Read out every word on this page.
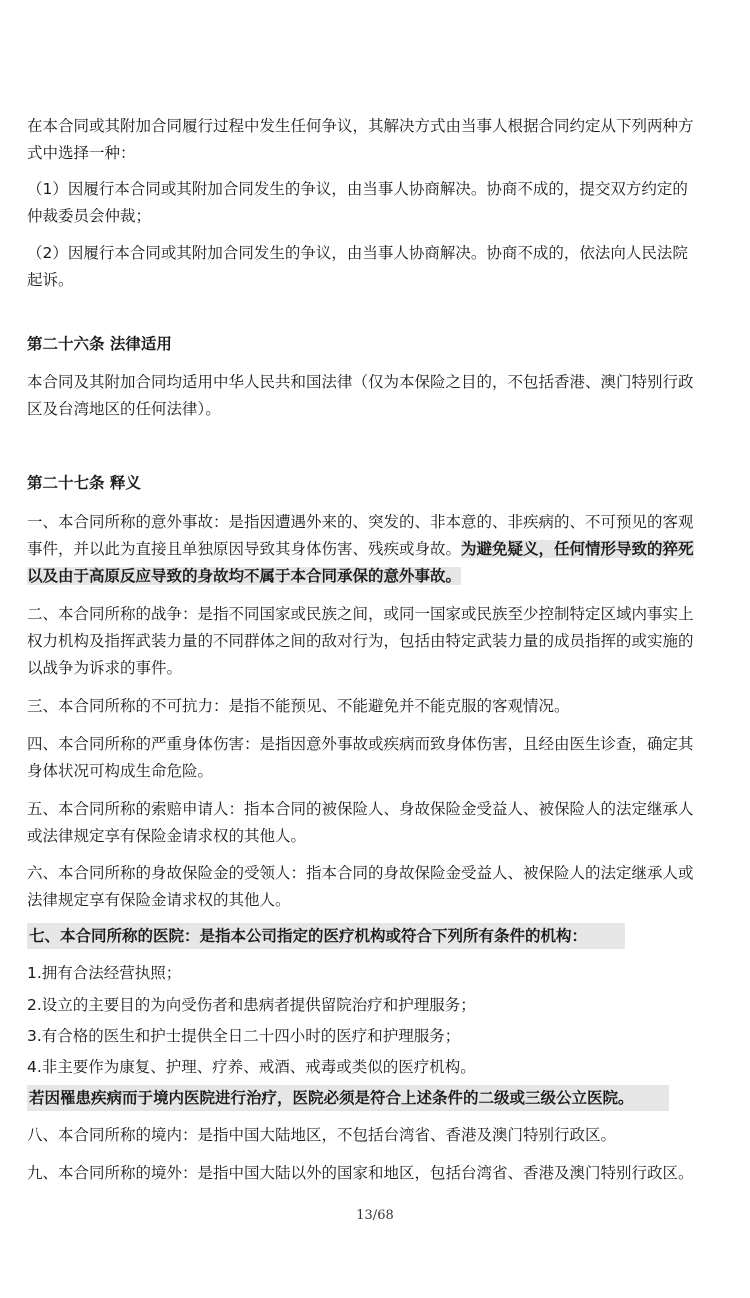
在本合同或其附加合同履行过程中发生任何争议，其解决方式由当事人根据合同约定从下列两种方
式中选择一种：
（1）因履行本合同或其附加合同发生的争议，由当事人协商解决。协商不成的，提交双方约定的
仲裁委员会仲裁；
（2）因履行本合同或其附加合同发生的争议，由当事人协商解决。协商不成的，依法向人民法院
起诉。
第二十六条 法律适用
本合同及其附加合同均适用中华人民共和国法律（仅为本保险之目的，不包括香港、澳门特别行政
区及台湾地区的任何法律）。
第二十七条 释义
一、本合同所称的意外事故：是指因遭遇外来的、突发的、非本意的、非疾病的、不可预见的客观
事件，并以此为直接且单独原因导致其身体伤害、残疾或身故。为避免疑义，任何情形导致的猝死
以及由于高原反应导致的身故均不属于本合同承保的意外事故。
二、本合同所称的战争：是指不同国家或民族之间，或同一国家或民族至少控制特定区域内事实上
权力机构及指挥武装力量的不同群体之间的敌对行为，包括由特定武装力量的成员指挥的或实施的
以战争为诉求的事件。
三、本合同所称的不可抗力：是指不能预见、不能避免并不能克服的客观情况。
四、本合同所称的严重身体伤害：是指因意外事故或疾病而致身体伤害，且经由医生诊查，确定其
身体状况可构成生命危险。
五、本合同所称的索赔申请人：指本合同的被保险人、身故保险金受益人、被保险人的法定继承人
或法律规定享有保险金请求权的其他人。
六、本合同所称的身故保险金的受领人：指本合同的身故保险金受益人、被保险人的法定继承人或
法律规定享有保险金请求权的其他人。
七、本合同所称的医院：是指本公司指定的医疗机构或符合下列所有条件的机构：
1.拥有合法经营执照；
2.设立的主要目的为向受伤者和患病者提供留院治疗和护理服务；
3.有合格的医生和护士提供全日二十四小时的医疗和护理服务；
4.非主要作为康复、护理、疗养、戒酒、戒毒或类似的医疗机构。
若因罹患疾病而于境内医院进行治疗，医院必须是符合上述条件的二级或三级公立医院。
八、本合同所称的境内：是指中国大陆地区，不包括台湾省、香港及澳门特别行政区。
九、本合同所称的境外：是指中国大陆以外的国家和地区，包括台湾省、香港及澳门特别行政区。
13/68
